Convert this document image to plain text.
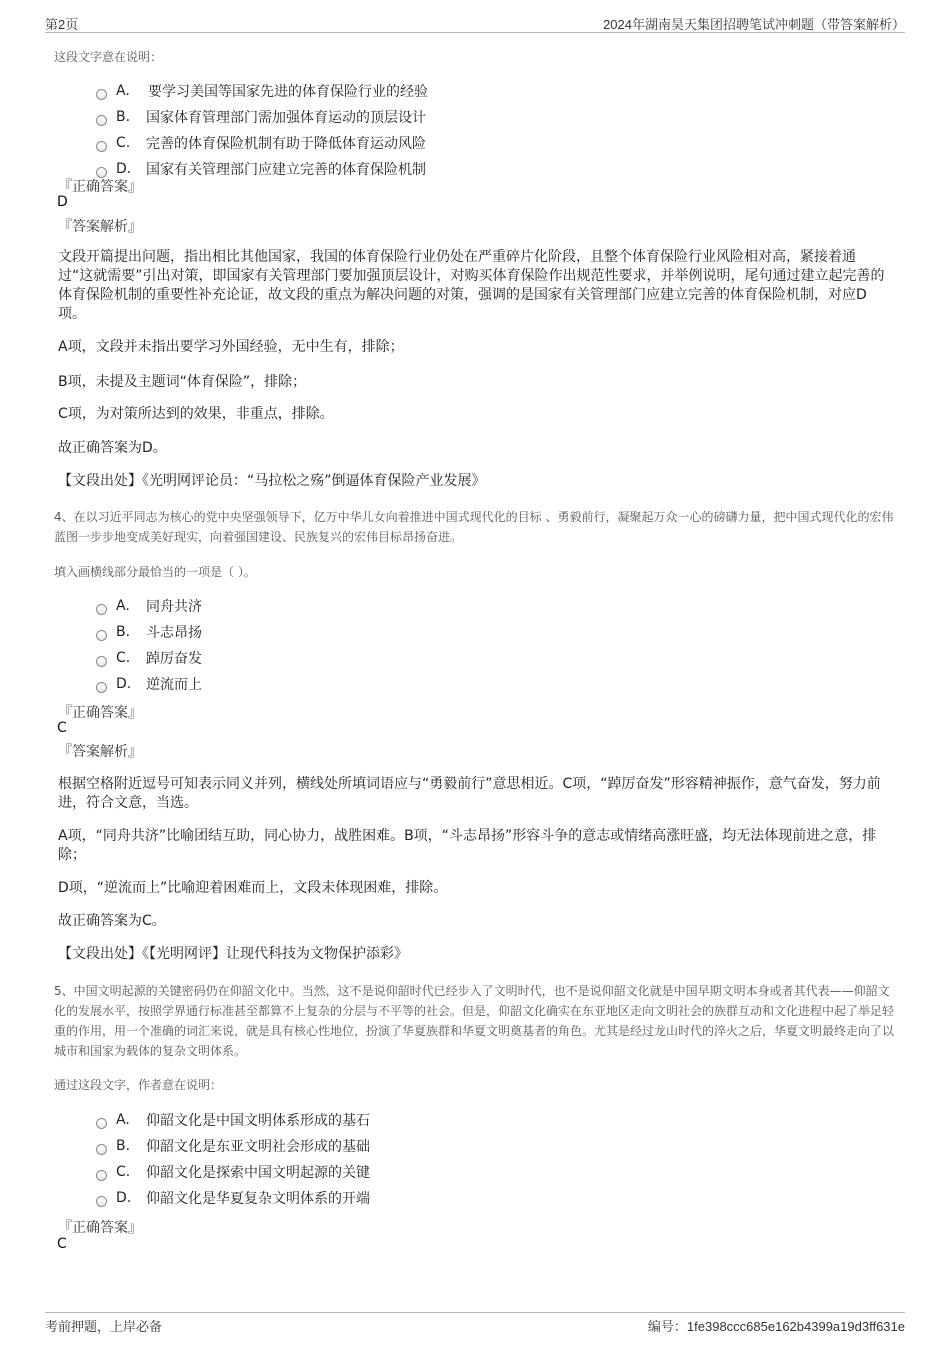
第2页	2024年湖南昊天集团招聘笔试冲刺题（带答案解析）
这段文字意在说明：
A.	要学习美国等国家先进的体育保险行业的经验
B.	国家体育管理部门需加强体育运动的顶层设计
C.	完善的体育保险机制有助于降低体育运动风险
D.	国家有关管理部门应建立完善的体育保险机制
『正确答案』
D
『答案解析』
文段开篇提出问题，指出相比其他国家，我国的体育保险行业仍处在严重碎片化阶段，且整个体育保险行业风险相对高，紧接着通过“这就需要”引出对策，即国家有关管理部门要加强顶层设计，对购买体育保险作出规范性要求，并举例说明，尾句通过建立起完善的体育保险机制的重要性补充论证，故文段的重点为解决问题的对策，强调的是国家有关管理部门应建立完善的体育保险机制，对应D项。
A项，文段并未指出要学习外国经验，无中生有，排除；
B项，未提及主题词“体育保险”，排除；
C项，为对策所达到的效果，非重点，排除。
故正确答案为D。
【文段出处】《光明网评论员：“马拉松之殇”倒逼体育保险产业发展》
4、在以习近平同志为核心的党中央坚强领导下，亿万中华儿女向着推进中国式现代化的目标 、勇毅前行，凝聚起万众一心的磅礴力量，把中国式现代化的宏伟蓝图一步步地变成美好现实，向着强国建设、民族复兴的宏伟目标昂扬奋进。
填入画横线部分最恰当的一项是（ ）。
A.	同舟共济
B.	斗志昂扬
C.	踔厉奋发
D.	逆流而上
『正确答案』
C
『答案解析』
根据空格附近逗号可知表示同义并列，横线处所填词语应与“勇毅前行”意思相近。C项，“踔厉奋发”形容精神振作，意气奋发，努力前进，符合文意，当选。
A项，“同舟共济”比喻团结互助，同心协力，战胜困难。B项，“斗志昂扬”形容斗争的意志或情绪高涨旺盛，均无法体现前进之意，排除；
D项，“逆流而上”比喻迎着困难而上，文段未体现困难，排除。
故正确答案为C。
【文段出处】《【光明网评】让现代科技为文物保护添彩》
5、中国文明起源的关键密码仍在仰韶文化中。当然，这不是说仰韶时代已经步入了文明时代，也不是说仰韶文化就是中国早期文明本身或者其代表——仰韶文化的发展水平，按照学界通行标准甚至都算不上复杂的分层与不平等的社会。但是，仰韶文化确实在东亚地区走向文明社会的族群互动和文化进程中起了举足轻重的作用，用一个准确的词汇来说，就是具有核心性地位，扮演了华夏族群和华夏文明奠基者的角色。尤其是经过龙山时代的淬火之后，华夏文明最终走向了以城市和国家为载体的复杂文明体系。
通过这段文字，作者意在说明：
A.	仰韶文化是中国文明体系形成的基石
B.	仰韶文化是东亚文明社会形成的基础
C.	仰韶文化是探索中国文明起源的关键
D.	仰韶文化是华夏复杂文明体系的开端
『正确答案』
C
考前押题，上岸必备	编号：1fe398ccc685e162b4399a19d3ff631e
